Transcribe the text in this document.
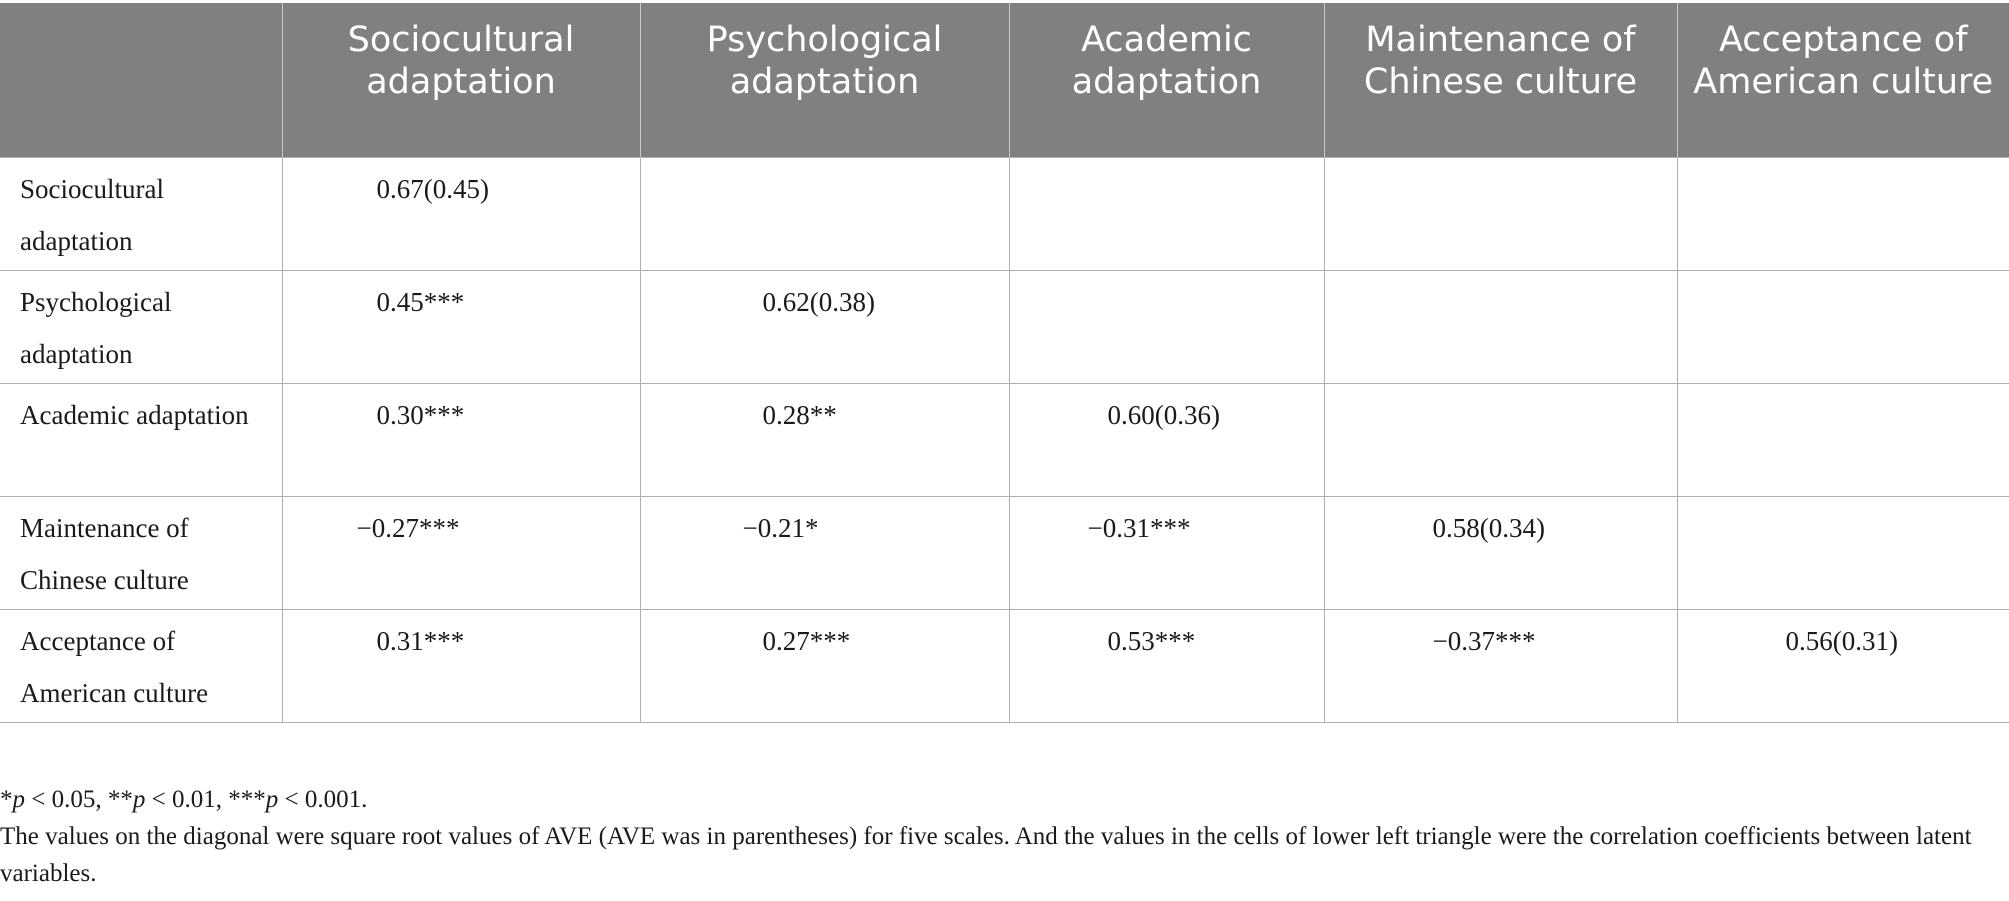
	Sociocultural adaptation	Psychological adaptation	Academic adaptation	Maintenance of Chinese culture	Acceptance of American culture
Sociocultural adaptation	0.67(0.45)				
Psychological adaptation	0.45***	0.62(0.38)			
Academic adaptation	0.30***	0.28**	0.60(0.36)		
Maintenance of Chinese culture	−0.27***	−0.21*	−0.31***	0.58(0.34)	
Acceptance of American culture	0.31***	0.27***	0.53***	−0.37***	0.56(0.31)

*p < 0.05, **p < 0.01, ***p < 0.001.

The values on the diagonal were square root values of AVE (AVE was in parentheses) for five scales. And the values in the cells of lower left triangle were the correlation coefficients between latent variables.
